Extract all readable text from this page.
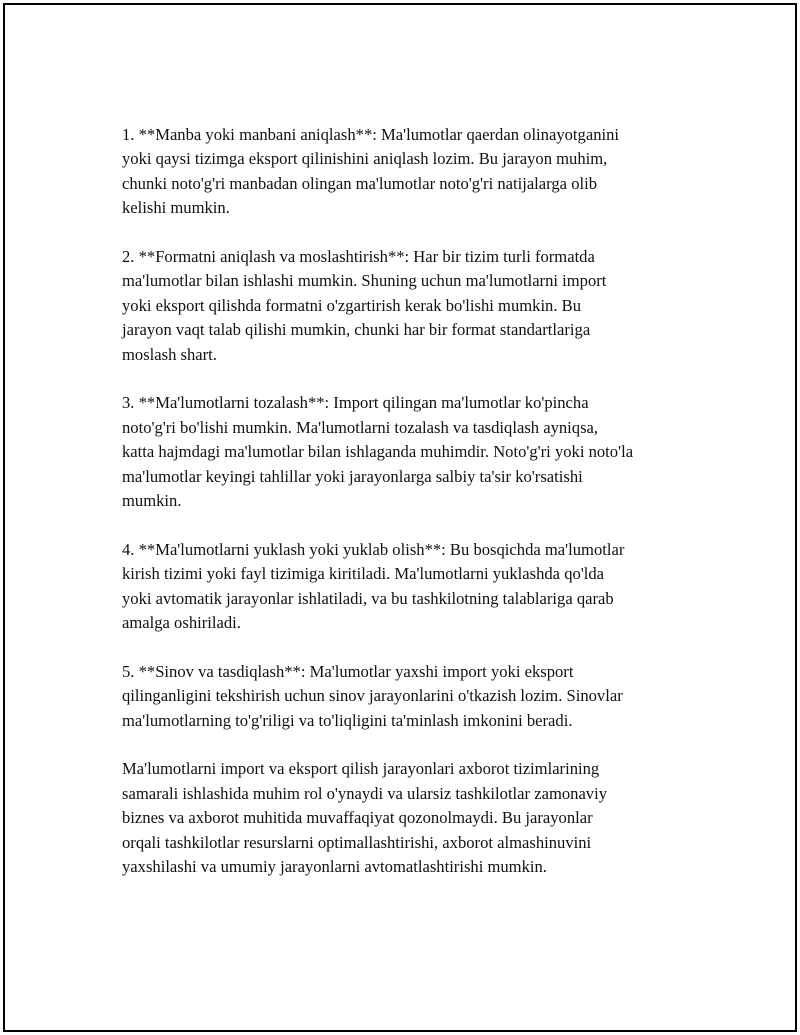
1. **Manba yoki manbani aniqlash**: Ma'lumotlar qaerdan olinayotganini
yoki qaysi tizimga eksport qilinishini aniqlash lozim. Bu jarayon muhim,
chunki noto'g'ri manbadan olingan ma'lumotlar noto'g'ri natijalarga olib
kelishi mumkin.

2. **Formatni aniqlash va moslashtirish**: Har bir tizim turli formatda
ma'lumotlar bilan ishlashi mumkin. Shuning uchun ma'lumotlarni import
yoki eksport qilishda formatni o'zgartirish kerak bo'lishi mumkin. Bu
jarayon vaqt talab qilishi mumkin, chunki har bir format standartlariga
moslash shart.

3. **Ma'lumotlarni tozalash**: Import qilingan ma'lumotlar ko'pincha
noto'g'ri bo'lishi mumkin. Ma'lumotlarni tozalash va tasdiqlash ayniqsa,
katta hajmdagi ma'lumotlar bilan ishlaganda muhimdir. Noto'g'ri yoki noto'la
ma'lumotlar keyingi tahlillar yoki jarayonlarga salbiy ta'sir ko'rsatishi
mumkin.

4. **Ma'lumotlarni yuklash yoki yuklab olish**: Bu bosqichda ma'lumotlar
kirish tizimi yoki fayl tizimiga kiritiladi. Ma'lumotlarni yuklashda qo'lda
yoki avtomatik jarayonlar ishlatiladi, va bu tashkilotning talablariga qarab
amalga oshiriladi.

5. **Sinov va tasdiqlash**: Ma'lumotlar yaxshi import yoki eksport
qilinganligini tekshirish uchun sinov jarayonlarini o'tkazish lozim. Sinovlar
ma'lumotlarning to'g'riligi va to'liqligini ta'minlash imkonini beradi.

Ma'lumotlarni import va eksport qilish jarayonlari axborot tizimlarining
samarali ishlashida muhim rol o'ynaydi va ularsiz tashkilotlar zamonaviy
biznes va axborot muhitida muvaffaqiyat qozonolmaydi. Bu jarayonlar
orqali tashkilotlar resurslarni optimallashtirishi, axborot almashinuvini
yaxshilashi va umumiy jarayonlarni avtomatlashtirishi mumkin.
